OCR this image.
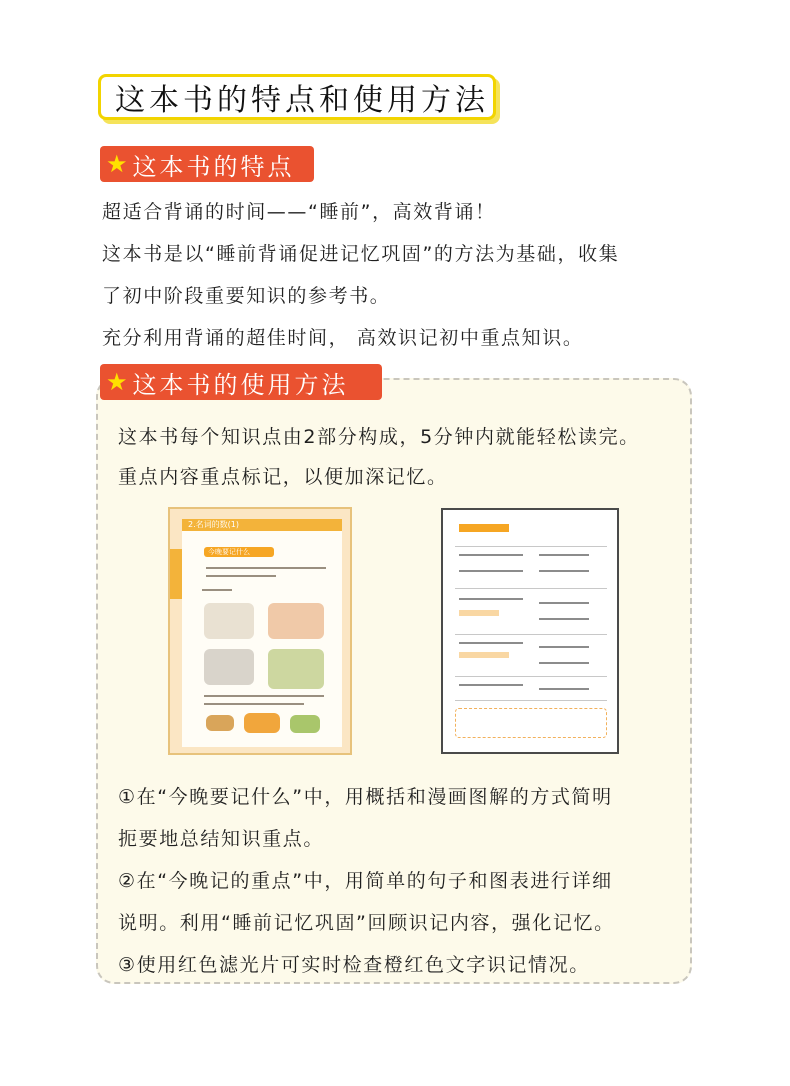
这本书的特点和使用方法
★ 这本书的特点
超适合背诵的时间——“睡前”，高效背诵！
这本书是以“睡前背诵促进记忆巩固”的方法为基础，收集
了初中阶段重要知识的参考书。
充分利用背诵的超佳时间， 高效识记初中重点知识。
★ 这本书的使用方法
这本书每个知识点由2部分构成，5分钟内就能轻松读完。
重点内容重点标记，以便加深记忆。
2.名词的数(1)
今晚要记什么
①在“今晚要记什么”中，用概括和漫画图解的方式简明
扼要地总结知识重点。
②在“今晚记的重点”中，用简单的句子和图表进行详细
说明。利用“睡前记忆巩固”回顾识记内容，强化记忆。
③使用红色滤光片可实时检查橙红色文字识记情况。
